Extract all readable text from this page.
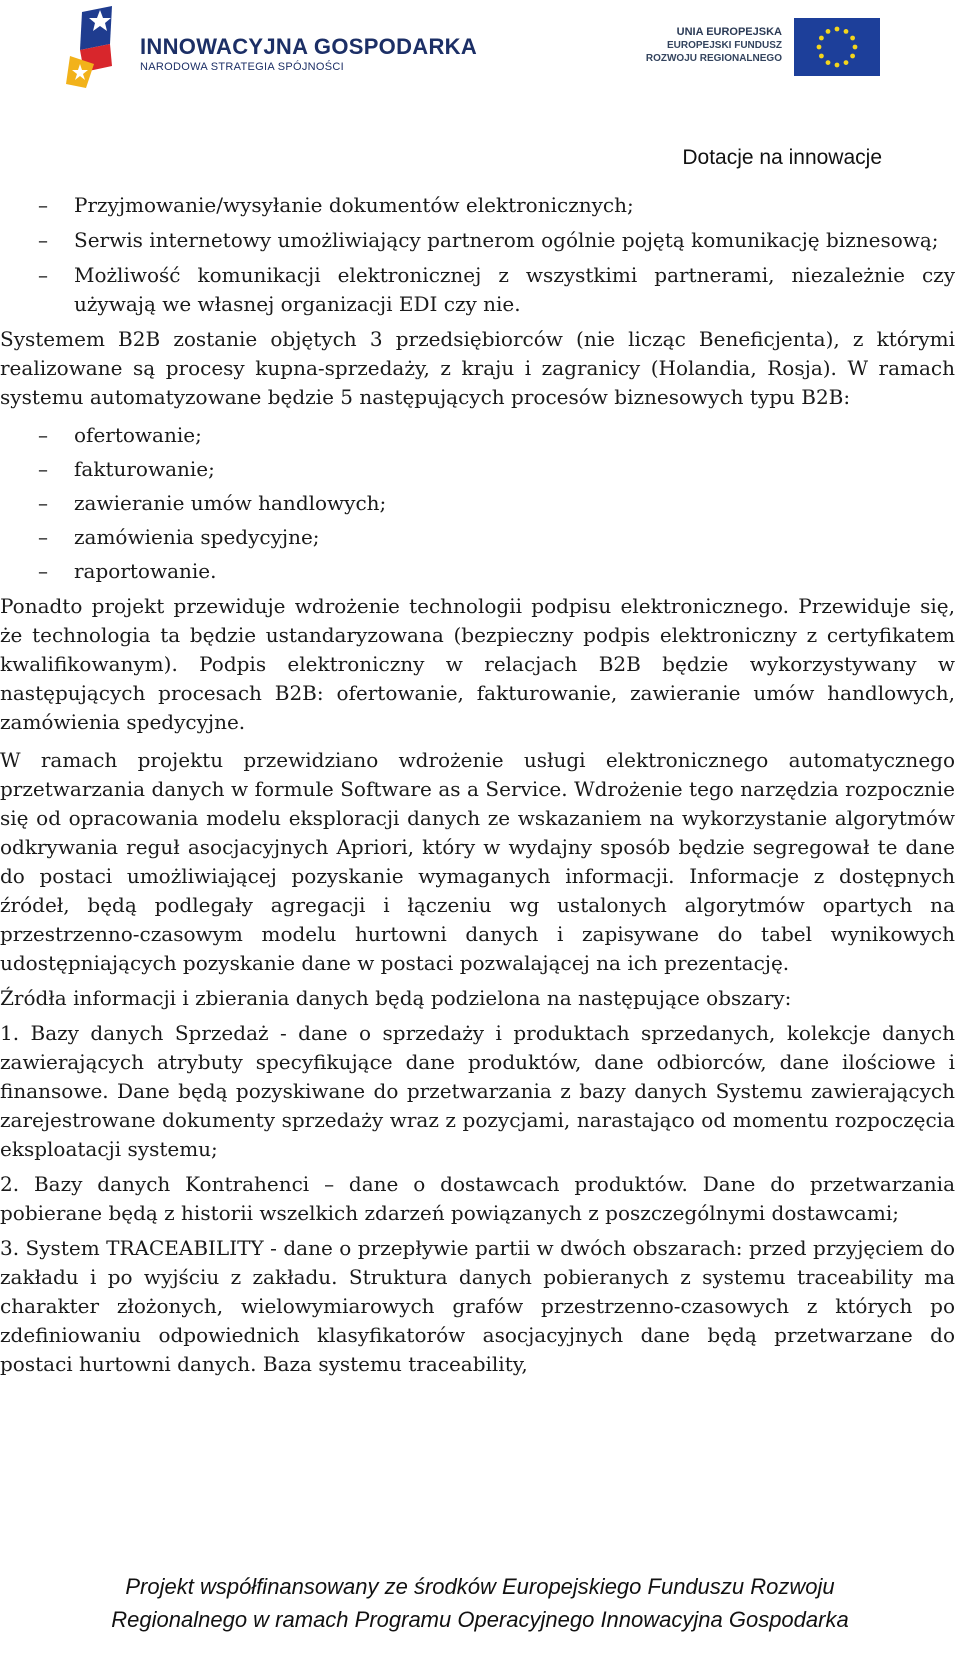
INNOWACYJNA GOSPODARKA
NARODOWA STRATEGIA SPÓJNOŚCI
UNIA EUROPEJSKA
EUROPEJSKI FUNDUSZ
ROZWOJU REGIONALNEGO
Dotacje na innowacje
– Przyjmowanie/wysyłanie dokumentów elektronicznych;
– Serwis internetowy umożliwiający partnerom ogólnie pojętą komunikację biznesową;
– Możliwość komunikacji elektronicznej z wszystkimi partnerami, niezależnie czy używają we własnej organizacji EDI czy nie.

Systemem B2B zostanie objętych 3 przedsiębiorców (nie licząc Beneficjenta), z którymi realizowane są procesy kupna-sprzedaży, z kraju i zagranicy (Holandia, Rosja). W ramach systemu automatyzowane będzie 5 następujących procesów biznesowych typu B2B:

– ofertowanie;
– fakturowanie;
– zawieranie umów handlowych;
– zamówienia spedycyjne;
– raportowanie.

Ponadto projekt przewiduje wdrożenie technologii podpisu elektronicznego. Przewiduje się, że technologia ta będzie ustandaryzowana (bezpieczny podpis elektroniczny z certyfikatem kwalifikowanym). Podpis elektroniczny w relacjach B2B będzie wykorzystywany w następujących procesach B2B: ofertowanie, fakturowanie, zawieranie umów handlowych, zamówienia spedycyjne.

W ramach projektu przewidziano wdrożenie usługi elektronicznego automatycznego przetwarzania danych w formule Software as a Service. Wdrożenie tego narzędzia rozpocznie się od opracowania modelu eksploracji danych ze wskazaniem na wykorzystanie algorytmów odkrywania reguł asocjacyjnych Apriori, który w wydajny sposób będzie segregował te dane do postaci umożliwiającej pozyskanie wymaganych informacji. Informacje z dostępnych źródeł, będą podlegały agregacji i łączeniu wg ustalonych algorytmów opartych na przestrzenno-czasowym modelu hurtowni danych i zapisywane do tabel wynikowych udostępniających pozyskanie dane w postaci pozwalającej na ich prezentację.

Źródła informacji i zbierania danych będą podzielona na następujące obszary:

1. Bazy danych Sprzedaż - dane o sprzedaży i produktach sprzedanych, kolekcje danych zawierających atrybuty specyfikujące dane produktów, dane odbiorców, dane ilościowe i finansowe. Dane będą pozyskiwane do przetwarzania z bazy danych Systemu zawierających zarejestrowane dokumenty sprzedaży wraz z pozycjami, narastająco od momentu rozpoczęcia eksploatacji systemu;

2. Bazy danych Kontrahenci – dane o dostawcach produktów. Dane do przetwarzania pobierane będą z historii wszelkich zdarzeń powiązanych z poszczególnymi dostawcami;

3. System TRACEABILITY - dane o przepływie partii w dwóch obszarach: przed przyjęciem do zakładu i po wyjściu z zakładu. Struktura danych pobieranych z systemu traceability ma charakter złożonych, wielowymiarowych grafów przestrzenno-czasowych z których po zdefiniowaniu odpowiednich klasyfikatorów asocjacyjnych dane będą przetwarzane do postaci hurtowni danych. Baza systemu traceability,

Projekt współfinansowany ze środków Europejskiego Funduszu Rozwoju
Regionalnego w ramach Programu Operacyjnego Innowacyjna Gospodarka
